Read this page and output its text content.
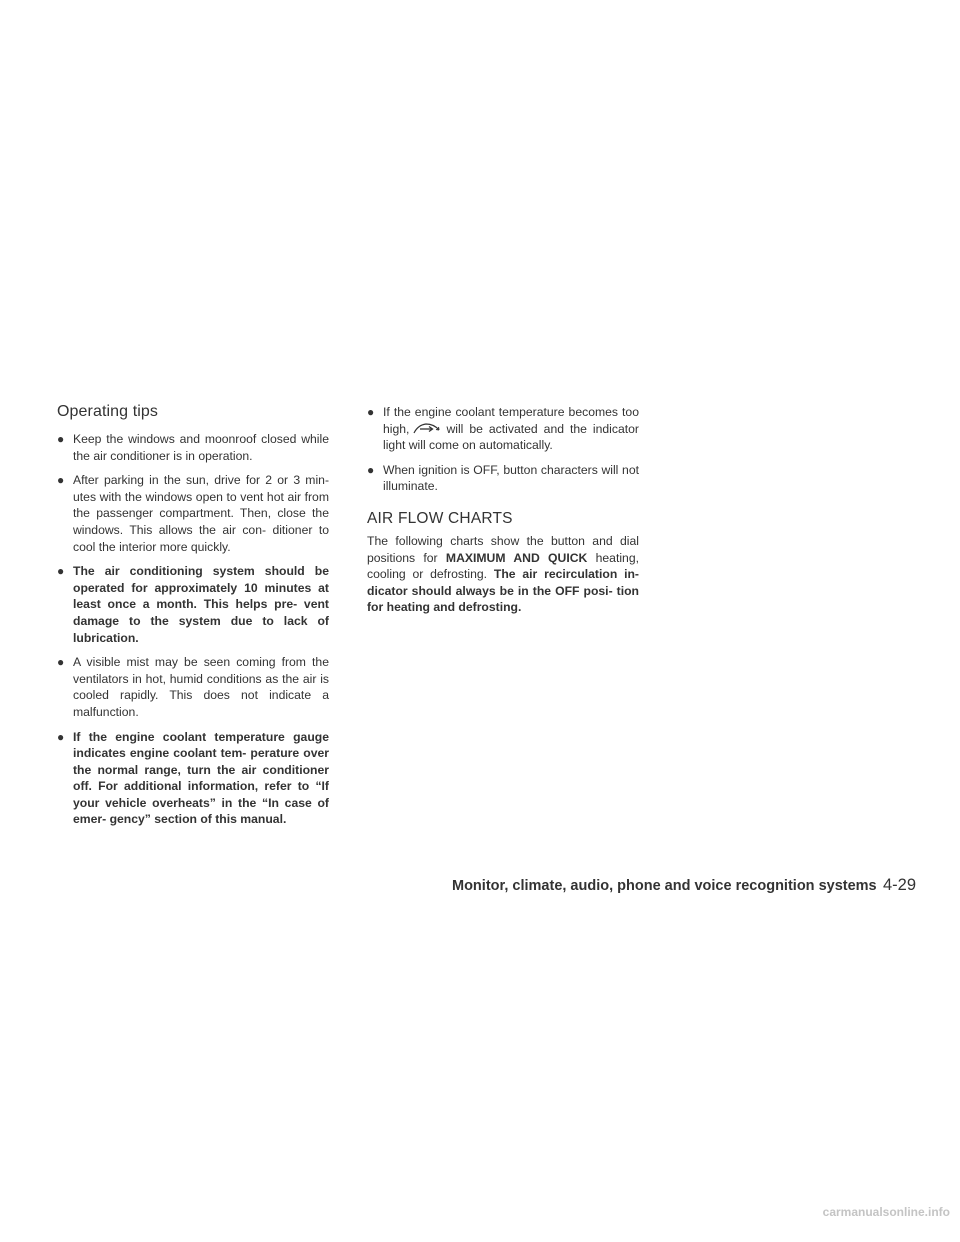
Operating tips
● Keep the windows and moonroof closed while the air conditioner is in operation.
● After parking in the sun, drive for 2 or 3 min- utes with the windows open to vent hot air from the passenger compartment. Then, close the windows. This allows the air con- ditioner to cool the interior more quickly.
● The air conditioning system should be operated for approximately 10 minutes at least once a month. This helps pre- vent damage to the system due to lack of lubrication.
● A visible mist may be seen coming from the ventilators in hot, humid conditions as the air is cooled rapidly. This does not indicate a malfunction.
● If the engine coolant temperature gauge indicates engine coolant tem- perature over the normal range, turn the air conditioner off. For additional information, refer to “If your vehicle overheats” in the “In case of emer- gency” section of this manual.
● If the engine coolant temperature becomes too high,	will be activated and the indicator light will come on automatically.
● When ignition is OFF, button characters will not illuminate.
AIR FLOW CHARTS

The following charts show the button and dial positions for MAXIMUM AND QUICK heating, cooling or defrosting. The air recirculation in- dicator should always be in the OFF posi- tion for heating and defrosting.

Monitor, climate, audio, phone and voice recognition systems 4-29
carmanualsonline.info
